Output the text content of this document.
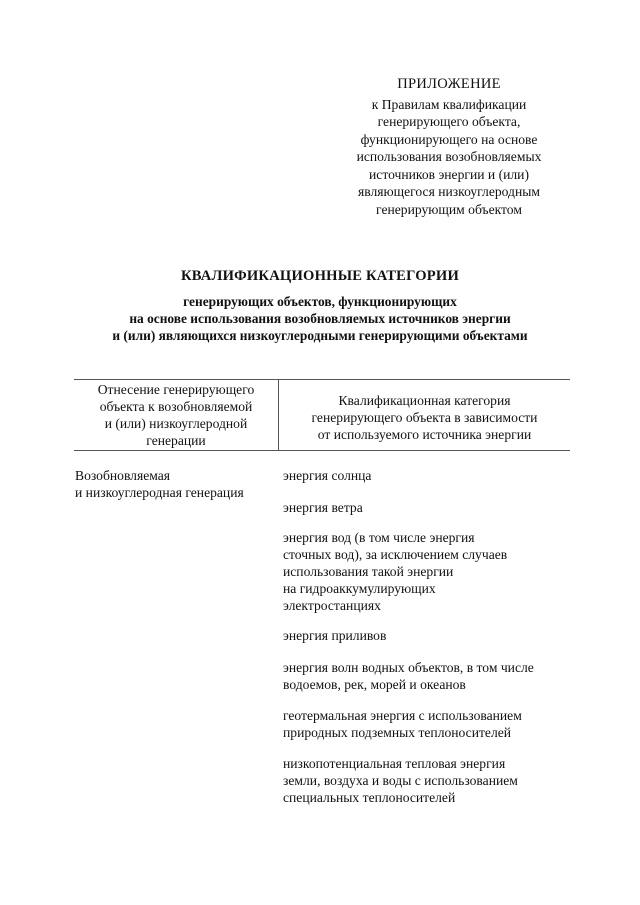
ПРИЛОЖЕНИЕ
к Правилам квалификации
генерирующего объекта,
функционирующего на основе
использования возобновляемых
источников энергии и (или)
являющегося низкоуглеродным
генерирующим объектом
КВАЛИФИКАЦИОННЫЕ КАТЕГОРИИ
генерирующих объектов, функционирующих
на основе использования возобновляемых источников энергии
и (или) являющихся низкоуглеродными генерирующими объектами
Отнесение генерирующего
объекта к возобновляемой
и (или) низкоуглеродной
генерации
Квалификационная категория
генерирующего объекта в зависимости
от используемого источника энергии
Возобновляемая
и низкоуглеродная генерация
энергия солнца
энергия ветра
энергия вод (в том числе энергия
сточных вод), за исключением случаев
использования такой энергии
на гидроаккумулирующих
электростанциях
энергия приливов
энергия волн водных объектов, в том числе
водоемов, рек, морей и океанов
геотермальная энергия с использованием
природных подземных теплоносителей
низкопотенциальная тепловая энергия
земли, воздуха и воды с использованием
специальных теплоносителей
